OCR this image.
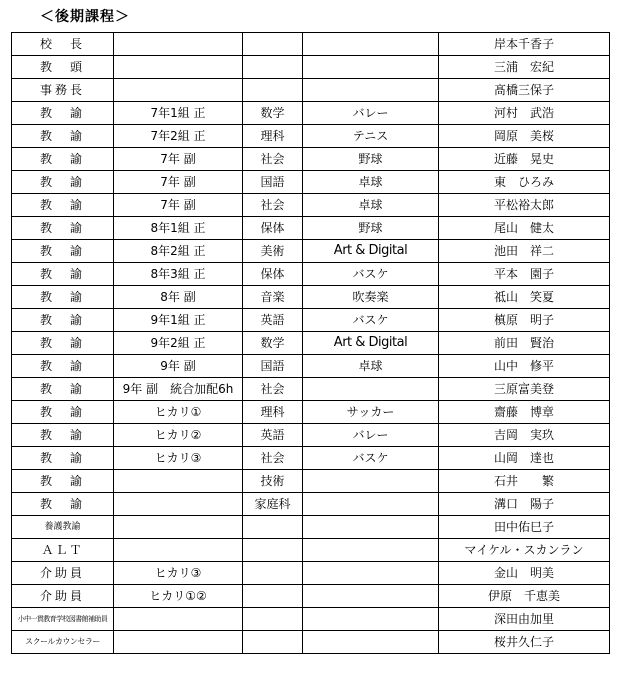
＜後期課程＞
校　長				岸本千香子
教　頭				三浦　宏紀
事務長				髙橋三保子
教　諭	7年1組 正	数学	バレー	河村　武浩
教　諭	7年2組 正	理科	テニス	岡原　美桜
教　諭	7年 副	社会	野球	近藤　晃史
教　諭	7年 副	国語	卓球	東　ひろみ
教　諭	7年 副	社会	卓球	平松裕太郎
教　諭	8年1組 正	保体	野球	尾山　健太
教　諭	8年2組 正	美術	Art & Digital	池田　祥二
教　諭	8年3組 正	保体	バスケ	平本　園子
教　諭	8年 副	音楽	吹奏楽	祗山　笑夏
教　諭	9年1組 正	英語	バスケ	槙原　明子
教　諭	9年2組 正	数学	Art & Digital	前田　賢治
教　諭	9年 副	国語	卓球	山中　修平
教　諭	9年 副　統合加配6h	社会		三原富美登
教　諭	ヒカリ①	理科	サッカー	齋藤　博章
教　諭	ヒカリ②	英語	バレー	吉岡　実玖
教　諭	ヒカリ③	社会	バスケ	山岡　達也
教　諭		技術		石井　　繁
教　諭		家庭科		溝口　陽子
養護教諭				田中佑巳子
ＡＬＴ				マイケル・スカンラン
介助員	ヒカリ③			金山　明美
介助員	ヒカリ①②			伊原　千恵美
小中一貫教育学校図書館補助員				深田由加里
スクールカウンセラー				桜井久仁子
